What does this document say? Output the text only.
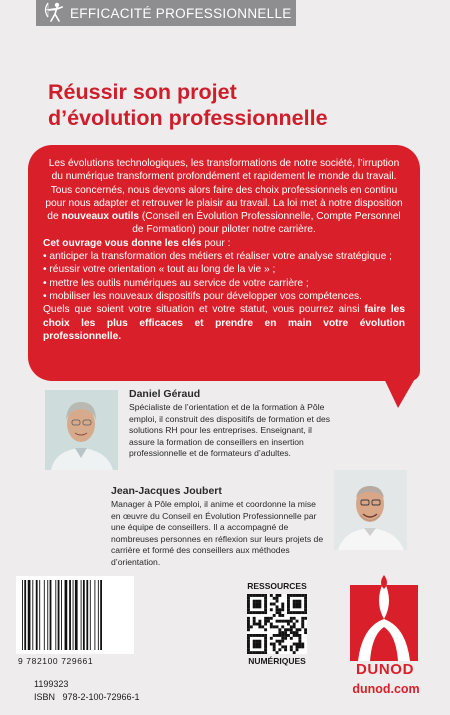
EFFICACITÉ PROFESSIONNELLE
Réussir son projet
d’évolution professionnelle

Les évolutions technologiques, les transformations de notre société, l’irruption du numérique transforment profondément et rapidement le monde du travail. Tous concernés, nous devons alors faire des choix professionnels en continu pour nous adapter et retrouver le plaisir au travail. La loi met à notre disposition de nouveaux outils (Conseil en Évolution Professionnelle, Compte Personnel de Formation) pour piloter notre carrière.

Cet ouvrage vous donne les clés pour :

• anticiper la transformation des métiers et réaliser votre analyse stratégique ;
• réussir votre orientation « tout au long de la vie » ;
• mettre les outils numériques au service de votre carrière ;
• mobiliser les nouveaux dispositifs pour développer vos compétences.

Quels que soient votre situation et votre statut, vous pourrez ainsi faire les choix les plus efficaces et prendre en main votre évolution professionnelle.

Daniel Géraud

Spécialiste de l’orientation et de la formation à Pôle emploi, il construit des dispositifs de formation et des solutions RH pour les entreprises. Enseignant, il assure la formation de conseillers en insertion professionnelle et de formateurs d’adultes.

Jean-Jacques Joubert

Manager à Pôle emploi, il anime et coordonne la mise en œuvre du Conseil en Évolution Professionnelle par une équipe de conseillers. Il a accompagné de nombreuses personnes en réflexion sur leurs projets de carrière et formé des conseillers aux méthodes d’orientation.

9 782100 729661
1199323
ISBN   978-2-100-72966-1
RESSOURCES
NUMÉRIQUES	DUNOD
dunod.com
